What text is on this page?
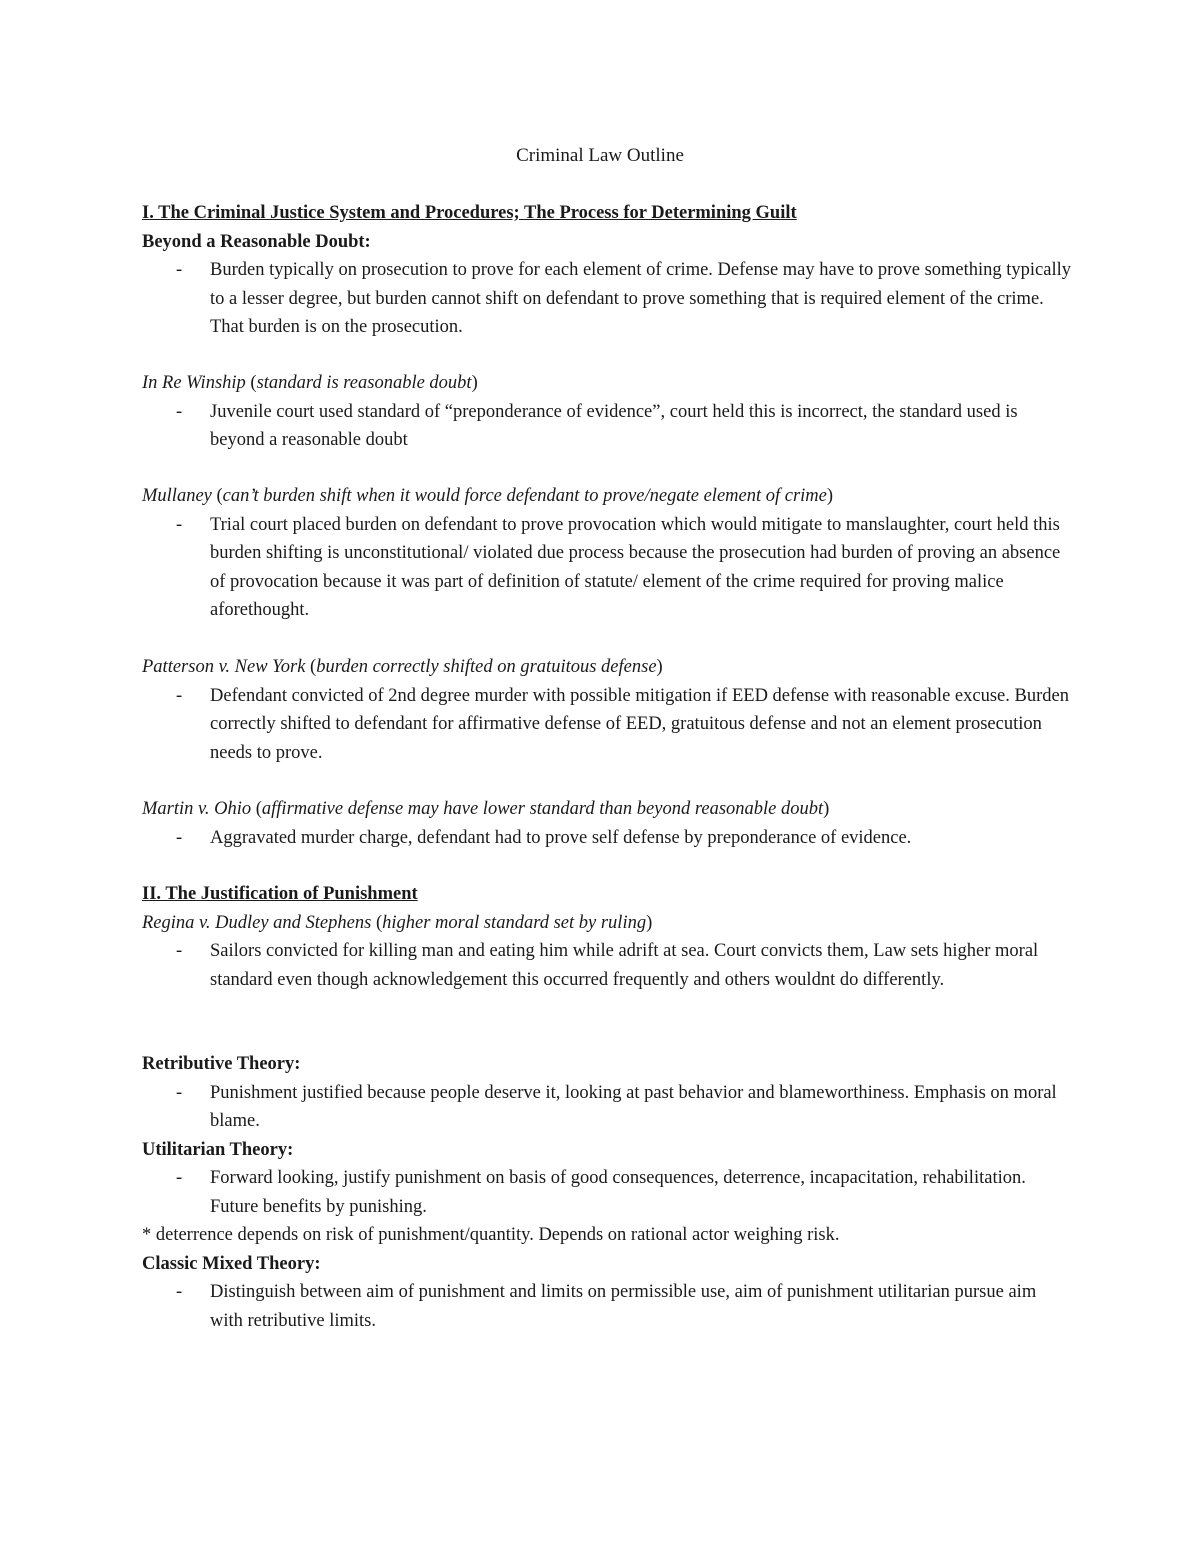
Criminal Law Outline

I. The Criminal Justice System and Procedures; The Process for Determining Guilt

Beyond a Reasonable Doubt:

-	Burden typically on prosecution to prove for each element of crime. Defense may have to prove something typically to a lesser degree, but burden cannot shift on defendant to prove something that is required element of the crime. That burden is on the prosecution.

In Re Winship (standard is reasonable doubt)

-	Juvenile court used standard of “preponderance of evidence”, court held this is incorrect, the standard used is beyond a reasonable doubt

Mullaney (can’t burden shift when it would force defendant to prove/negate element of crime)

-	Trial court placed burden on defendant to prove provocation which would mitigate to manslaughter, court held this burden shifting is unconstitutional/ violated due process because the prosecution had burden of proving an absence of provocation because it was part of definition of statute/ element of the crime required for proving malice aforethought.

Patterson v. New York (burden correctly shifted on gratuitous defense)

-	Defendant convicted of 2nd degree murder with possible mitigation if EED defense with reasonable excuse. Burden correctly shifted to defendant for affirmative defense of EED, gratuitous defense and not an element prosecution needs to prove.

Martin v. Ohio (affirmative defense may have lower standard than beyond reasonable doubt)

-	Aggravated murder charge, defendant had to prove self defense by preponderance of evidence.

II. The Justification of Punishment

Regina v. Dudley and Stephens (higher moral standard set by ruling)

-	Sailors convicted for killing man and eating him while adrift at sea. Court convicts them, Law sets higher moral standard even though acknowledgement this occurred frequently and others wouldnt do differently.

Retributive Theory:

-	Punishment justified because people deserve it, looking at past behavior and blameworthiness. Emphasis on moral blame.

Utilitarian Theory:

-	Forward looking, justify punishment on basis of good consequences, deterrence, incapacitation, rehabilitation. Future benefits by punishing.

* deterrence depends on risk of punishment/quantity. Depends on rational actor weighing risk.

Classic Mixed Theory:

-	Distinguish between aim of punishment and limits on permissible use, aim of punishment utilitarian pursue aim with retributive limits.
